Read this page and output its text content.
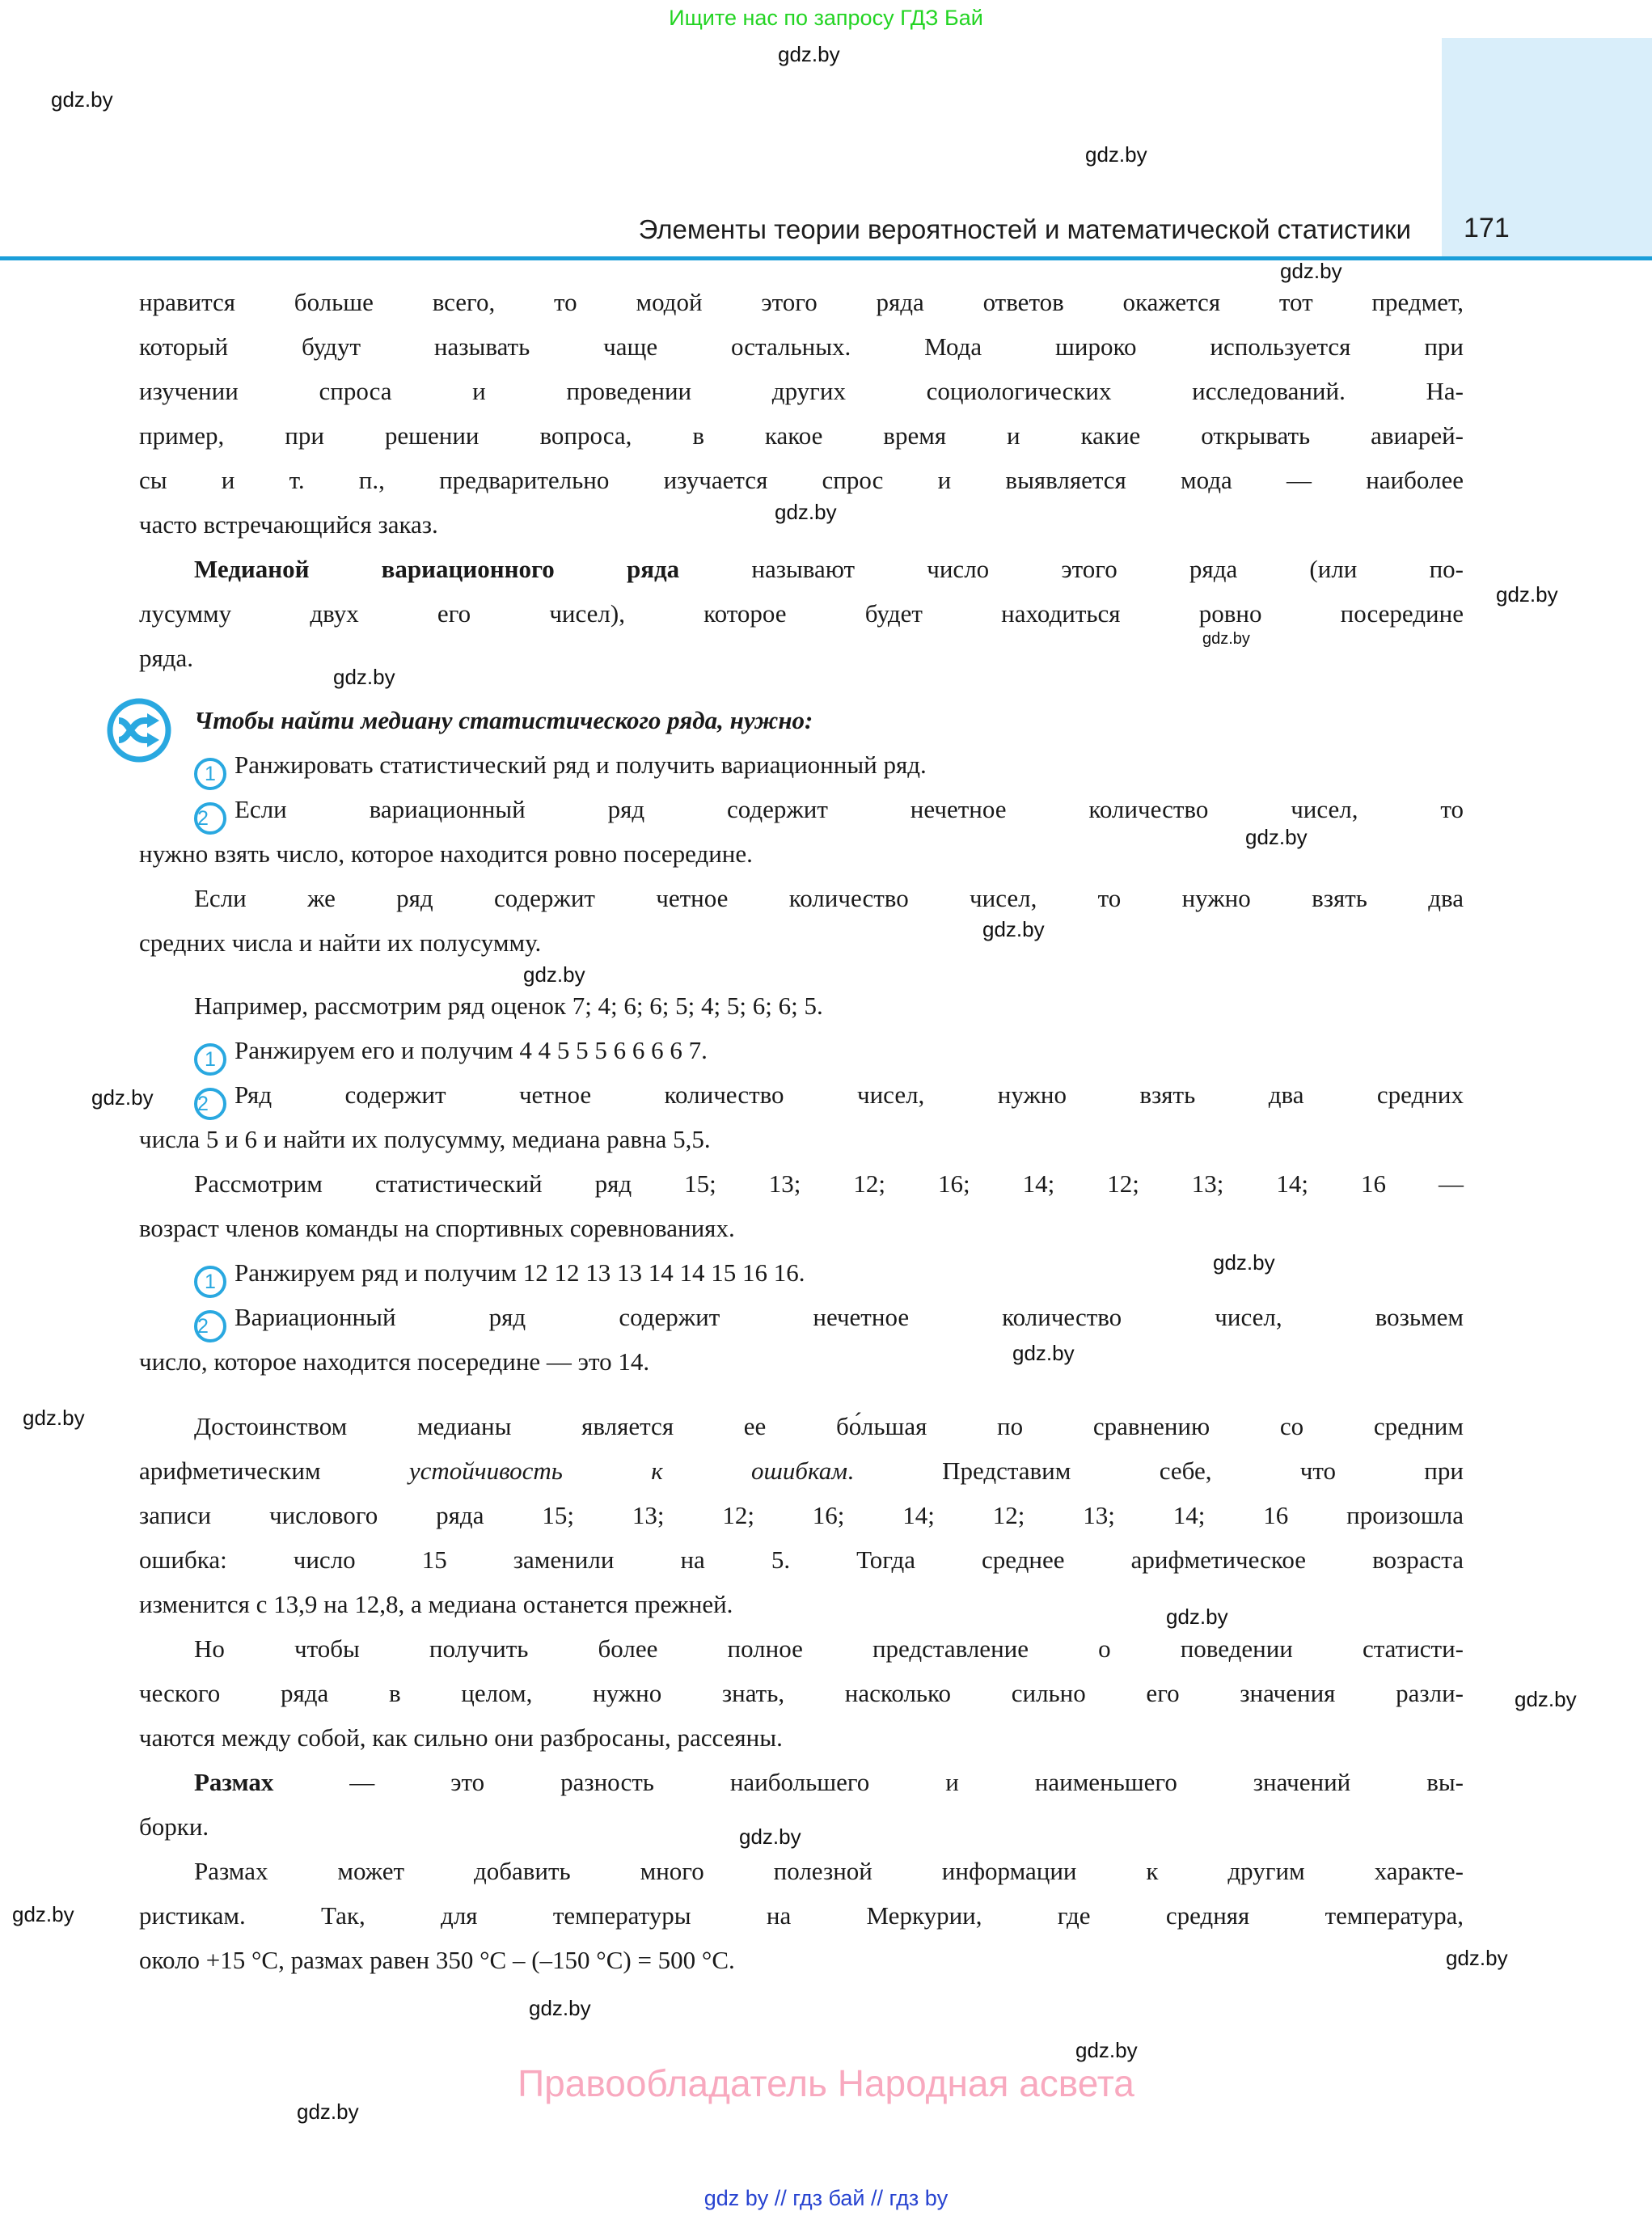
Ищите нас по запросу ГДЗ Бай
Элементы теории вероятностей и математической статистики 171
gdz.by
gdz.by
gdz.by
gdz.by
gdz.by
gdz.by
gdz.by
gdz.by
gdz.by
gdz.by
gdz.by
gdz.by
gdz.by
gdz.by
gdz.by
gdz.by
gdz.by
gdz.by
gdz.by
gdz.by
gdz.by
gdz.by
gdz.by
нравится больше всего, то модой этого ряда ответов окажется тот предмет,
который будут называть чаще остальных. Мода широко используется при
изучении спроса и проведении других социологических исследований. На-
пример, при решении вопроса, в какое время и какие открывать авиарей-
сы и т. п., предварительно изучается спрос и выявляется мода — наиболее
часто встречающийся заказ.
Медианой вариационного ряда называют число этого ряда (или по-
лусумму двух его чисел), которое будет находиться ровно посередине
ряда.
Чтобы найти медиану статистического ряда, нужно:
1 Ранжировать статистический ряд и получить вариационный ряд.
2 Если вариационный ряд содержит нечетное количество чисел, то
нужно взять число, которое находится ровно посередине.
Если же ряд содержит четное количество чисел, то нужно взять два
средних числа и найти их полусумму.
Например, рассмотрим ряд оценок 7; 4; 6; 6; 5; 4; 5; 6; 6; 5.
1 Ранжируем его и получим 4 4 5 5 5 6 6 6 6 7.
2 Ряд содержит четное количество чисел, нужно взять два средних
числа 5 и 6 и найти их полусумму, медиана равна 5,5.
Рассмотрим статистический ряд 15; 13; 12; 16; 14; 12; 13; 14; 16 —
возраст членов команды на спортивных соревнованиях.
1 Ранжируем ряд и получим 12 12 13 13 14 14 15 16 16.
2 Вариационный ряд содержит нечетное количество чисел, возьмем
число, которое находится посередине — это 14.
Достоинством медианы является ее бо́льшая по сравнению со средним
арифметическим устойчивость к ошибкам. Представим себе, что при
записи числового ряда 15; 13; 12; 16; 14; 12; 13; 14; 16 произошла
ошибка: число 15 заменили на 5. Тогда среднее арифметическое возраста
изменится с 13,9 на 12,8, а медиана останется прежней.
Но чтобы получить более полное представление о поведении статисти-
ческого ряда в целом, нужно знать, насколько сильно его значения разли-
чаются между собой, как сильно они разбросаны, рассеяны.
Размах — это разность наибольшего и наименьшего значений вы-
борки.
Размах может добавить много полезной информации к другим характе-
ристикам. Так, для температуры на Меркурии, где средняя температура,
около +15 °С, размах равен 350 °С – (–150 °С) = 500 °С.
Правообладатель Народная асвета
gdz by // гдз бай // гдз by
